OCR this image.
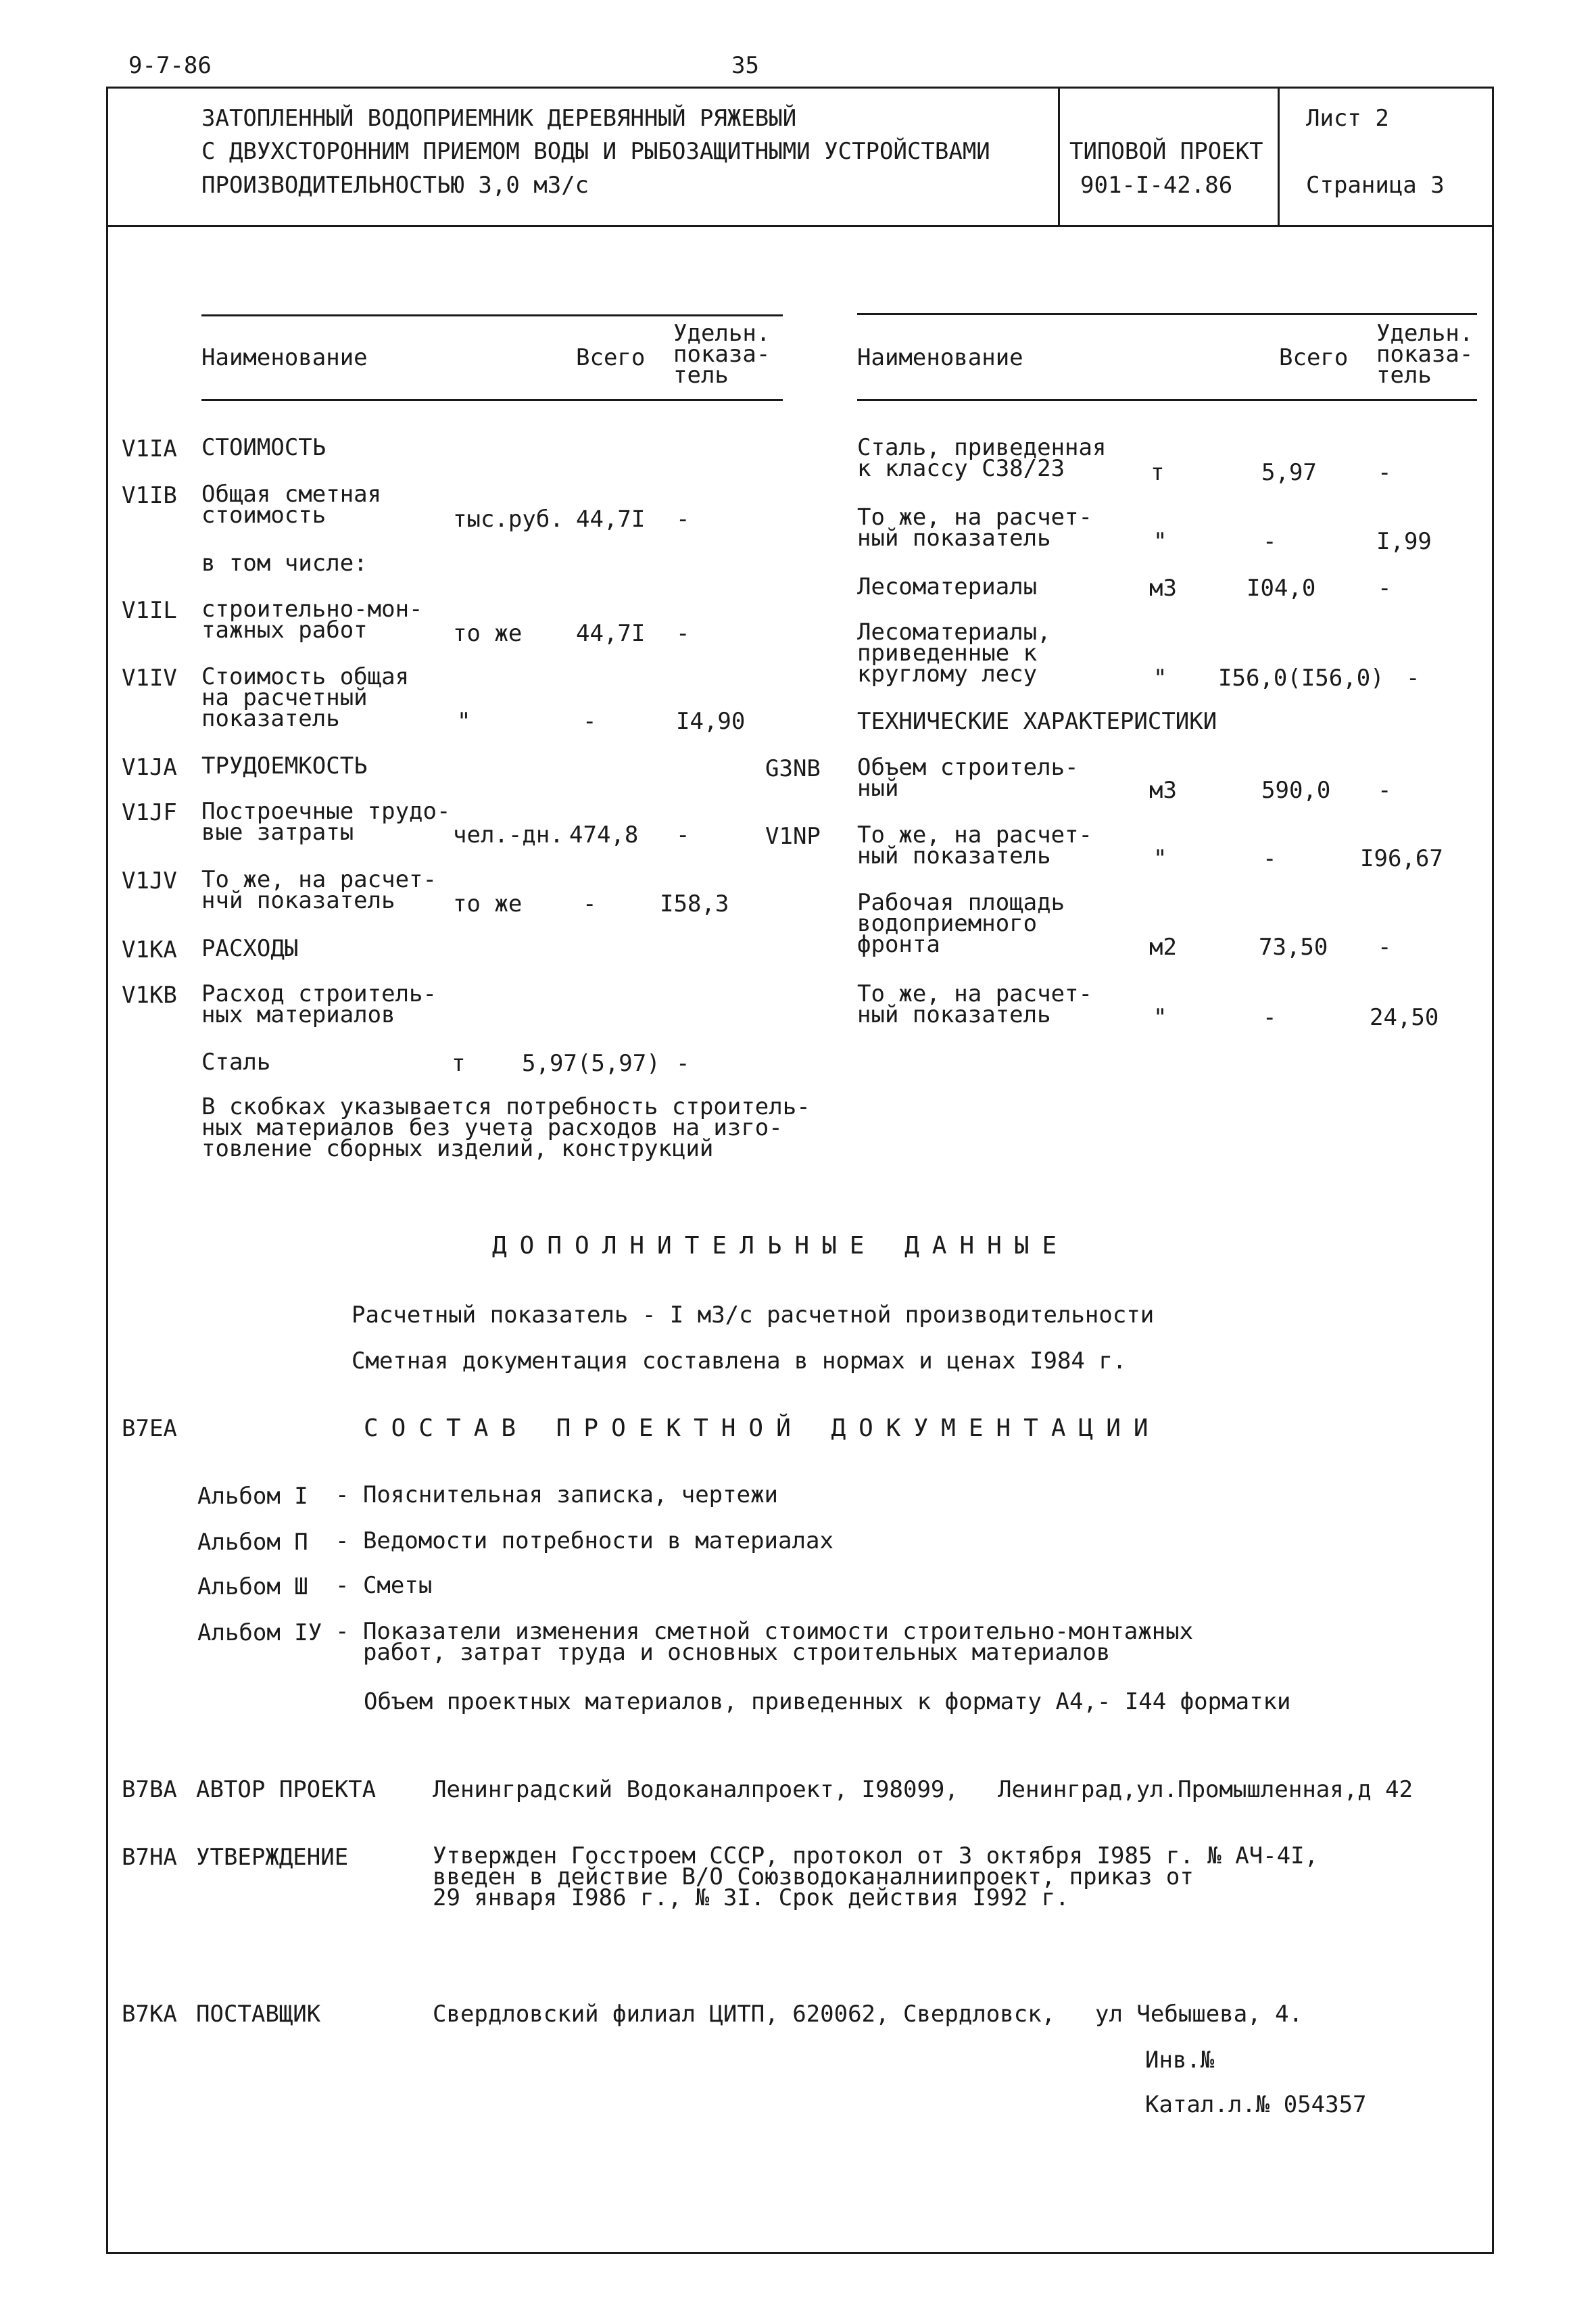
9-7-86	35
ЗАТОПЛЕННЫЙ ВОДОПРИЕМНИК ДЕРЕВЯННЫЙ РЯЖЕВЫЙ
С ДВУХСТОРОННИМ ПРИЕМОМ ВОДЫ И РЫБОЗАЩИТНЫМИ УСТРОЙСТВАМИ
ПРОИЗВОДИТЕЛЬНОСТЬЮ 3,0 м3/с
ТИПОВОЙ ПРОЕКТ
901-I-42.86
Лист 2
Страница 3
Наименование	Всего
Удельн.
показа-
тель
Наименование	Всего
Удельн.
показа-
тель
V1IA СТОИМОСТЬ
V1IB Общая сметная
стоимость	тыс.руб. 44,7I -
в том числе:
V1IL строительно-мон-
тажных работ	то же 44,7I -
V1IV Стоимость общая
на расчетный
показатель	"	-	I4,90
V1JA ТРУДОЕМКОСТЬ
V1JF Построечные трудо-
вые затраты	чел.-дн. 474,8 -
V1JV То же, на расчет-
нчй показатель	то же	-	I58,3
V1KA РАСХОДЫ
V1KB Расход строитель-
ных материалов
Сталь	т 5,97(5,97) -
В скобках указывается потребность строитель-
ных материалов без учета расходов на изго-
товление сборных изделий, конструкций
G3NB
V1NP
Сталь, приведенная
к классу С38/23	т	5,97	-
То же, на расчет-
ный показатель	"	-	I,99
Лесоматериалы	м3	I04,0	-
Лесоматериалы,
приведенные к
круглому лесу	" I56,0(I56,0) -
ТЕХНИЧЕСКИЕ ХАРАКТЕРИСТИКИ
Объем строитель-
ный	м3	590,0 -
То же, на расчет-
ный показатель	"	-	I96,67
Рабочая площадь
водоприемного
фронта	м2	73,50 -
То же, на расчет-
ный показатель	"	-	24,50
ДОПОЛНИТЕЛЬНЫЕ ДАННЫЕ
Расчетный показатель - I м3/с расчетной производительности
Сметная документация составлена в нормах и ценах I984 г.
B7EA	СОСТАВ ПРОЕКТНОЙ ДОКУМЕНТАЦИИ
Альбом I - Пояснительная записка, чертежи
Альбом П - Ведомости потребности в материалах
Альбом Ш - Сметы
Альбом IУ - Показатели изменения сметной стоимости строительно-монтажных
работ, затрат труда и основных строительных материалов
Объем проектных материалов, приведенных к формату А4,- I44 форматки
B7BA АВТОР ПРОЕКТА Ленинградский Водоканалпроект, I98099, Ленинград,ул.Промышленная,д 42
B7HA УТВЕРЖДЕНИЕ	Утвержден Госстроем СССР, протокол от 3 октября I985 г. № АЧ-4I,
введен в действие В/О Союзводоканалниипроект, приказ от
29 января I986 г., № 3I. Срок действия I992 г.
B7KA ПОСТАВЩИК	Свердловский филиал ЦИТП, 620062, Свердловск, ул Чебышева, 4.
Инв.№
Катал.л.№ 054357
